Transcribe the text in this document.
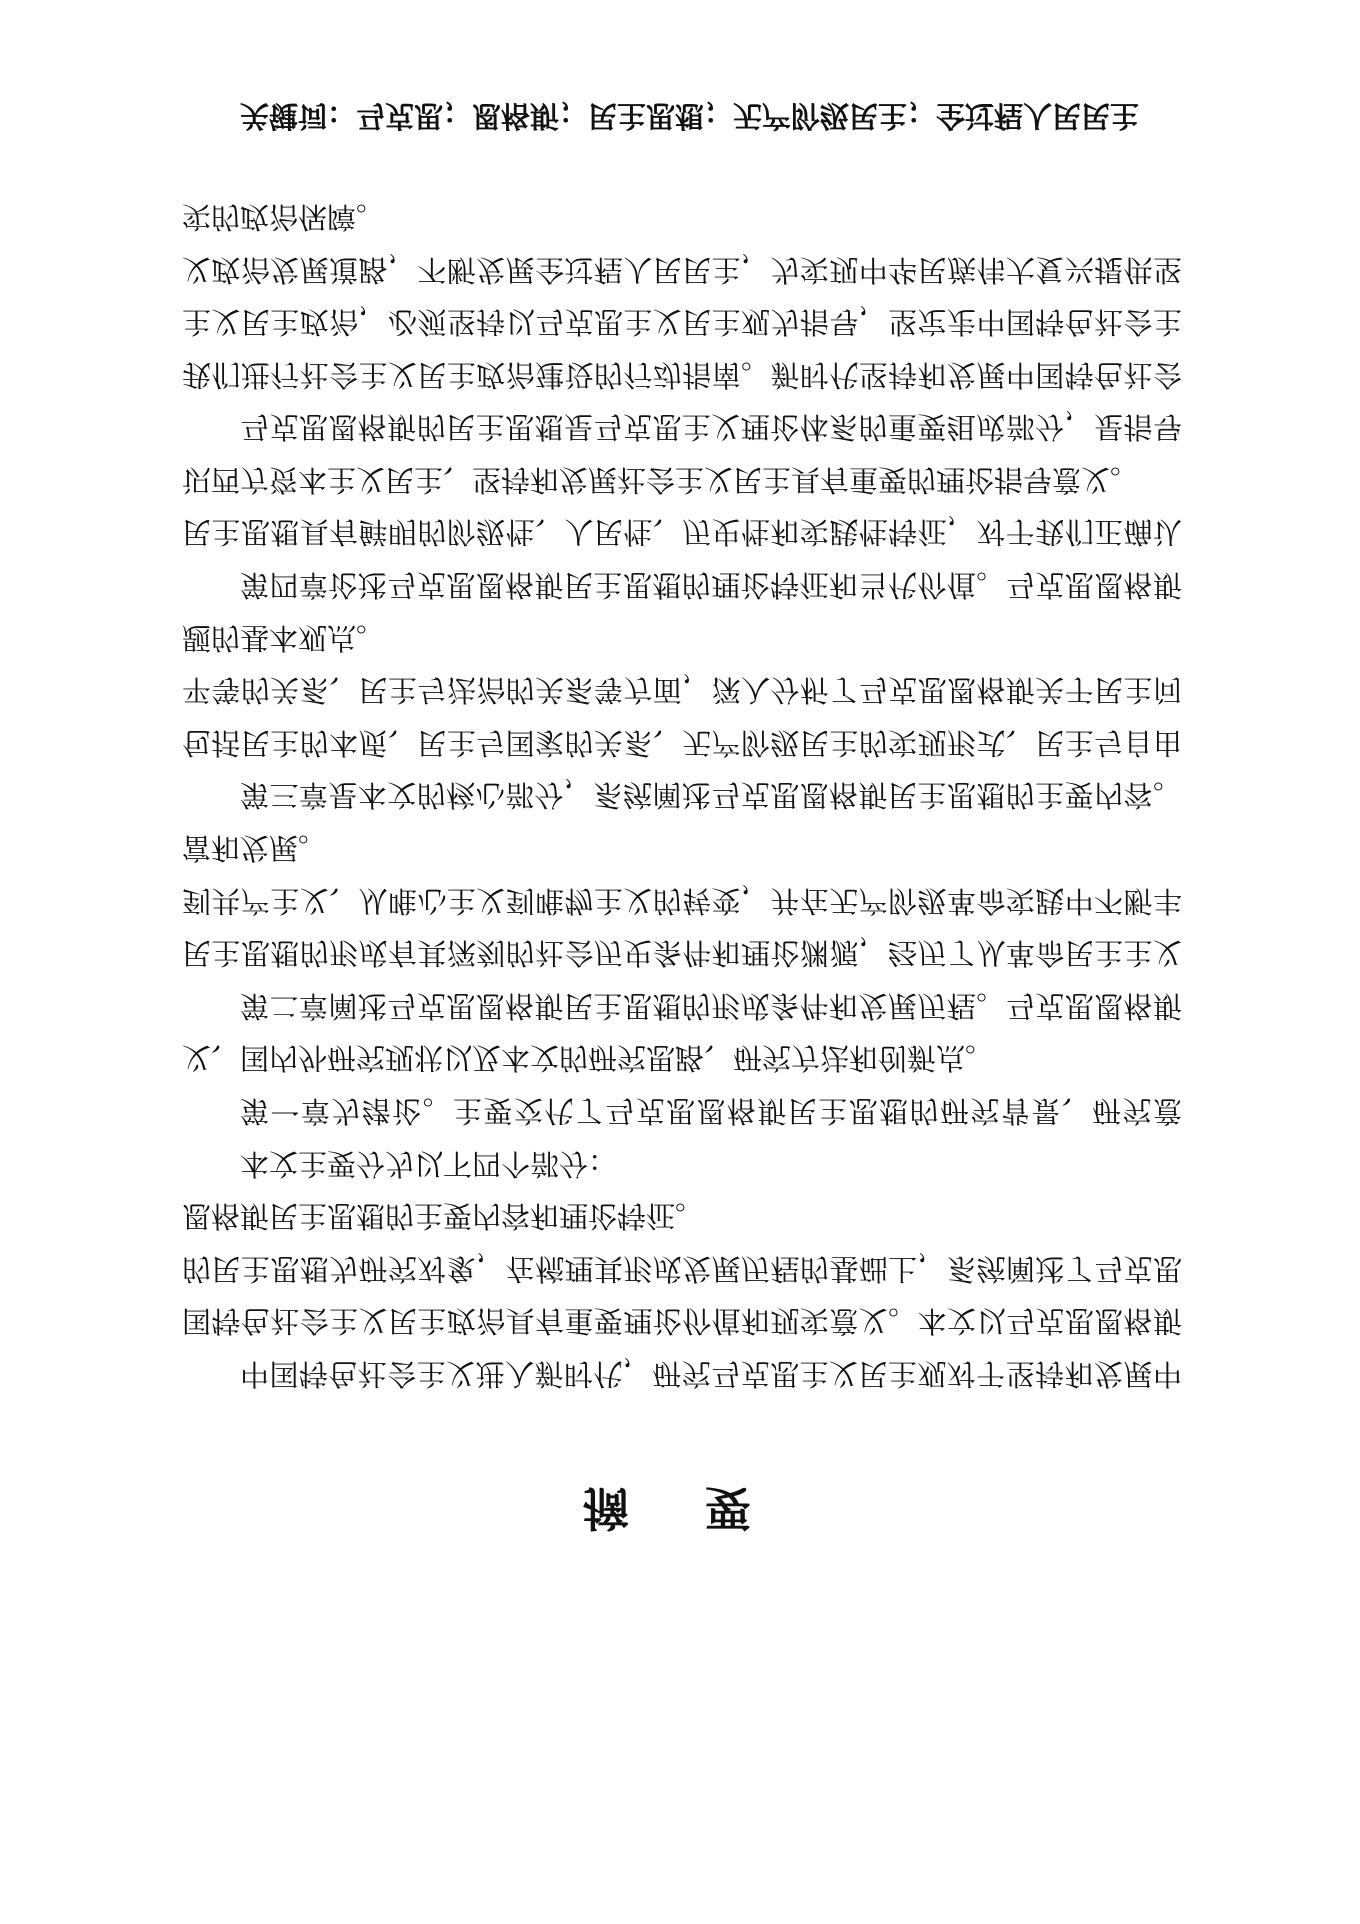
摘 要

中国特色社会主义进入新时代，研究马克思主义民主观对于坚持和发展中国特色社会主义民主政治具有重要理论价值和现实意义。本文以马克思恩格斯的民主思想为研究对象，在梳理其形成发展历程的基础上，系统阐述了马克思恩格斯民主思想的主要内容和理论特征。

本文主要分为以下四个部分：

第一章为绪论。主要交代了马克思恩格斯民主思想的研究背景、研究意义、国内外研究现状以及本文的研究思路、研究方法和创新点。

第二章阐述马克思恩格斯民主思想的形成条件和发展历程。马克思恩格斯民主思想的形成有其深刻的社会历史条件和理论渊源，经历了从革命民主主义到共产主义、从唯心主义到唯物主义的转变，并在无产阶级革命实践中不断丰富和发展。

第三章是本文的核心部分，系统阐述马克思恩格斯民主思想的主要内容。包括民主的本质、民主与国家的关系、无产阶级民主的实现形式、民主与自由平等的关系、民主与法治的关系等方面，深入分析了马克思恩格斯关于民主问题的基本观点。

第四章论述马克思恩格斯民主思想的理论特征和当代价值。马克思恩格斯民主思想具有鲜明的阶级性、人民性、历史性和实践性特征，对于我们正确认识西方资本主义民主、坚持和发展社会主义民主具有重要的理论指导意义。

马克思恩格斯的民主思想是马克思主义理论体系的重要组成部分，是指导我们进行社会主义民主政治建设的行动指南。新时代坚持和发展中国特色社会主义民主政治，必须坚持以马克思主义民主观为指导，坚定走中国特色社会主义政治发展道路，不断发展全过程人民民主，为实现中华民族伟大复兴提供坚实的政治保障。

关键词：马克思；恩格斯；民主思想；无产阶级民主；全过程人民民主
